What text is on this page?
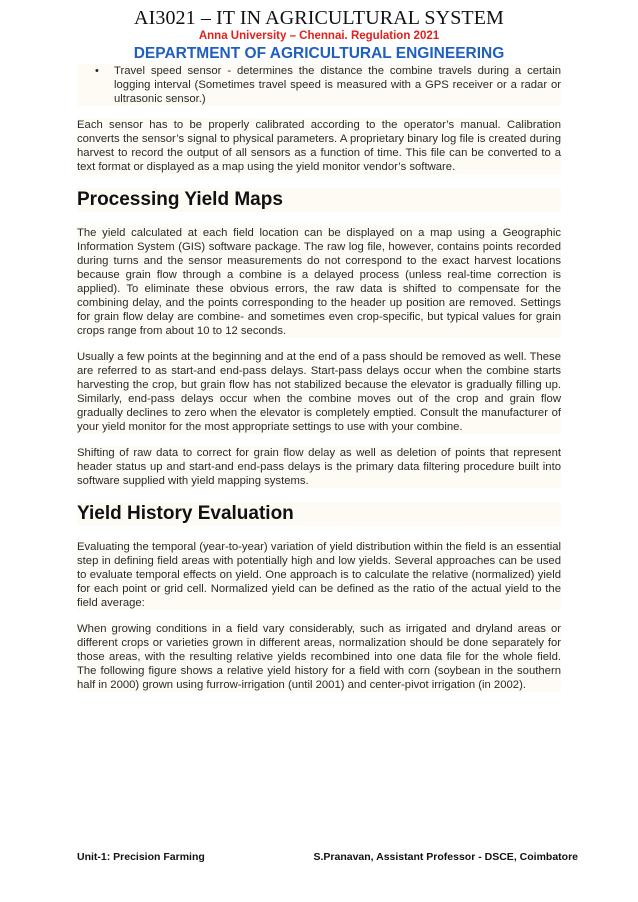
AI3021 – IT IN AGRICULTURAL SYSTEM
Anna University – Chennai. Regulation 2021
DEPARTMENT OF AGRICULTURAL ENGINEERING
• Travel speed sensor - determines the distance the combine travels during a certain logging interval (Sometimes travel speed is measured with a GPS receiver or a radar or ultrasonic sensor.)

Each sensor has to be properly calibrated according to the operator’s manual. Calibration converts the sensor’s signal to physical parameters. A proprietary binary log file is created during harvest to record the output of all sensors as a function of time. This file can be converted to a text format or displayed as a map using the yield monitor vendor’s software.

Processing Yield Maps

The yield calculated at each field location can be displayed on a map using a Geographic Information System (GIS) software package. The raw log file, however, contains points recorded during turns and the sensor measurements do not correspond to the exact harvest locations because grain flow through a combine is a delayed process (unless real-time correction is applied). To eliminate these obvious errors, the raw data is shifted to compensate for the combining delay, and the points corresponding to the header up position are removed. Settings for grain flow delay are combine- and sometimes even crop-specific, but typical values for grain crops range from about 10 to 12 seconds.

Usually a few points at the beginning and at the end of a pass should be removed as well. These are referred to as start-and end-pass delays. Start-pass delays occur when the combine starts harvesting the crop, but grain flow has not stabilized because the elevator is gradually filling up. Similarly, end-pass delays occur when the combine moves out of the crop and grain flow gradually declines to zero when the elevator is completely emptied. Consult the manufacturer of your yield monitor for the most appropriate settings to use with your combine.

Shifting of raw data to correct for grain flow delay as well as deletion of points that represent header status up and start-and end-pass delays is the primary data filtering procedure built into software supplied with yield mapping systems.

Yield History Evaluation

Evaluating the temporal (year-to-year) variation of yield distribution within the field is an essential step in defining field areas with potentially high and low yields. Several approaches can be used to evaluate temporal effects on yield. One approach is to calculate the relative (normalized) yield for each point or grid cell. Normalized yield can be defined as the ratio of the actual yield to the field average:

When growing conditions in a field vary considerably, such as irrigated and dryland areas or different crops or varieties grown in different areas, normalization should be done separately for those areas, with the resulting relative yields recombined into one data file for the whole field. The following figure shows a relative yield history for a field with corn (soybean in the southern half in 2000) grown using furrow-irrigation (until 2001) and center-pivot irrigation (in 2002).

Unit-1: Precision Farming	S.Pranavan, Assistant Professor - DSCE, Coimbatore
